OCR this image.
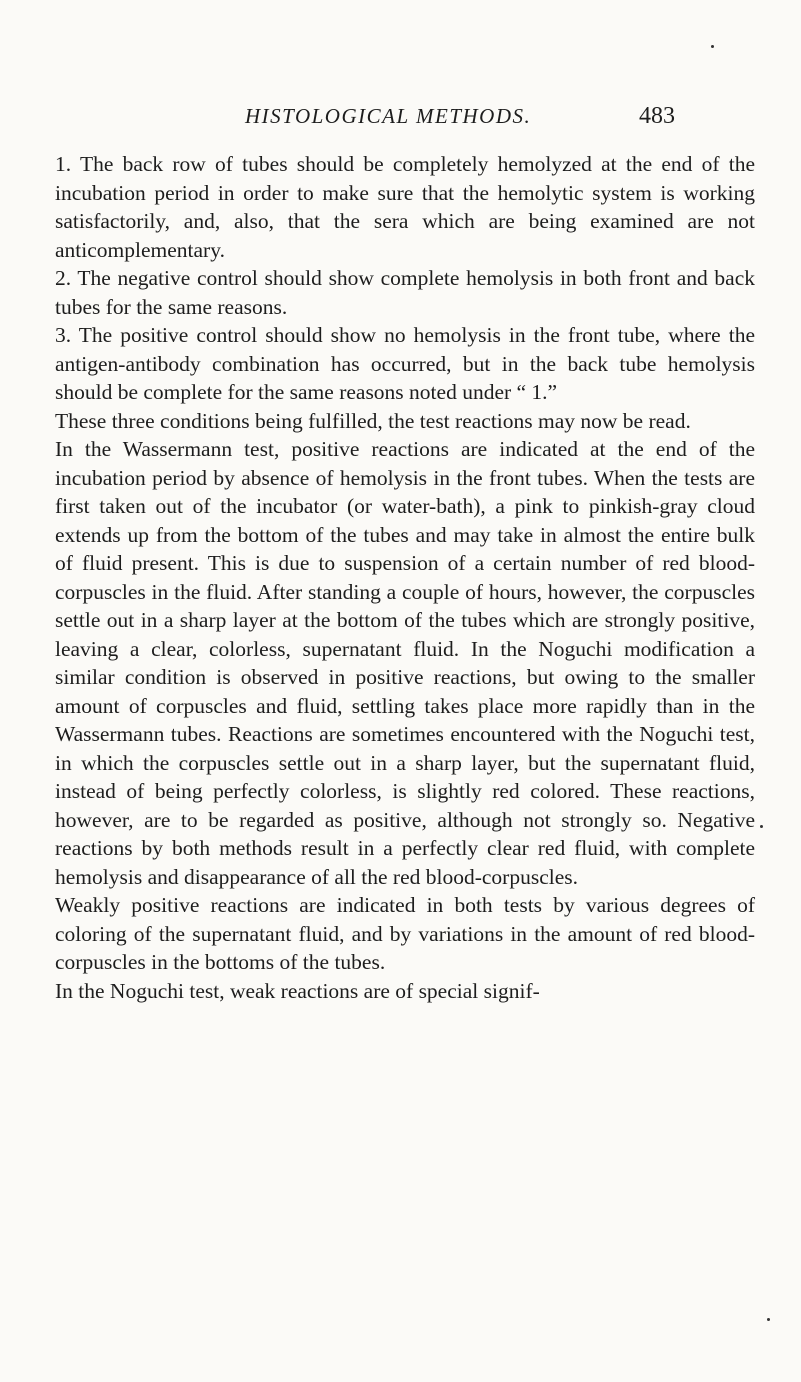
HISTOLOGICAL METHODS.	483

1. The back row of tubes should be completely hemolyzed at the end of the incubation period in order to make sure that the hemolytic system is working satisfactorily, and, also, that the sera which are being examined are not anticomplementary.

2. The negative control should show complete hemolysis in both front and back tubes for the same reasons.

3. The positive control should show no hemolysis in the front tube, where the antigen-antibody combination has occurred, but in the back tube hemolysis should be complete for the same reasons noted under “ 1.”

These three conditions being fulfilled, the test reactions may now be read.

In the Wassermann test, positive reactions are indicated at the end of the incubation period by absence of hemolysis in the front tubes. When the tests are first taken out of the incubator (or water-bath), a pink to pinkish-gray cloud extends up from the bottom of the tubes and may take in almost the entire bulk of fluid present. This is due to suspension of a certain number of red blood-corpuscles in the fluid. After standing a couple of hours, however, the corpuscles settle out in a sharp layer at the bottom of the tubes which are strongly positive, leaving a clear, colorless, supernatant fluid. In the Noguchi modification a similar condition is observed in positive reactions, but owing to the smaller amount of corpuscles and fluid, settling takes place more rapidly than in the Wassermann tubes. Reactions are sometimes encountered with the Noguchi test, in which the corpuscles settle out in a sharp layer, but the supernatant fluid, instead of being perfectly colorless, is slightly red colored. These reactions, however, are to be regarded as positive, although not strongly so. Negative reactions by both methods result in a perfectly clear red fluid, with complete hemolysis and disappearance of all the red blood-corpuscles.

Weakly positive reactions are indicated in both tests by various degrees of coloring of the supernatant fluid, and by variations in the amount of red blood-corpuscles in the bottoms of the tubes.

In the Noguchi test, weak reactions are of special signif-
